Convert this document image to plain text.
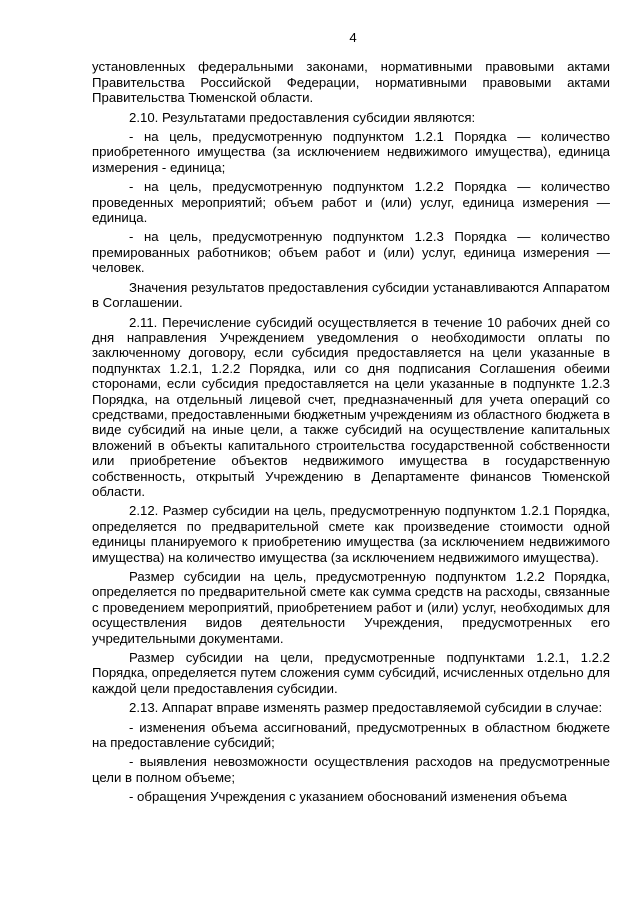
4

установленных федеральными законами, нормативными правовыми актами Правительства Российской Федерации, нормативными правовыми актами Правительства Тюменской области.

2.10. Результатами предоставления субсидии являются:

- на цель, предусмотренную подпунктом 1.2.1 Порядка — количество приобретенного имущества (за исключением недвижимого имущества), единица измерения - единица;

- на цель, предусмотренную подпунктом 1.2.2 Порядка — количество проведенных мероприятий; объем работ и (или) услуг, единица измерения — единица.

- на цель, предусмотренную подпунктом 1.2.3 Порядка — количество премированных работников; объем работ и (или) услуг, единица измерения — человек.

Значения результатов предоставления субсидии устанавливаются Аппаратом в Соглашении.

2.11. Перечисление субсидий осуществляется в течение 10 рабочих дней со дня направления Учреждением уведомления о необходимости оплаты по заключенному договору, если субсидия предоставляется на цели указанные в подпунктах 1.2.1, 1.2.2 Порядка, или со дня подписания Соглашения обеими сторонами, если субсидия предоставляется на цели указанные в подпункте 1.2.3 Порядка, на отдельный лицевой счет, предназначенный для учета операций со средствами, предоставленными бюджетным учреждениям из областного бюджета в виде субсидий на иные цели, а также субсидий на осуществление капитальных вложений в объекты капитального строительства государственной собственности или приобретение объектов недвижимого имущества в государственную собственность, открытый Учреждению в Департаменте финансов Тюменской области.

2.12. Размер субсидии на цель, предусмотренную подпунктом 1.2.1 Порядка, определяется по предварительной смете как произведение стоимости одной единицы планируемого к приобретению имущества (за исключением недвижимого имущества) на количество имущества (за исключением недвижимого имущества).

Размер субсидии на цель, предусмотренную подпунктом 1.2.2 Порядка, определяется по предварительной смете как сумма средств на расходы, связанные с проведением мероприятий, приобретением работ и (или) услуг, необходимых для осуществления видов деятельности Учреждения, предусмотренных его учредительными документами.

Размер субсидии на цели, предусмотренные подпунктами 1.2.1, 1.2.2 Порядка, определяется путем сложения сумм субсидий, исчисленных отдельно для каждой цели предоставления субсидии.

2.13. Аппарат вправе изменять размер предоставляемой субсидии в случае:

- изменения объема ассигнований, предусмотренных в областном бюджете на предоставление субсидий;

- выявления невозможности осуществления расходов на предусмотренные цели в полном объеме;

- обращения Учреждения с указанием обоснований изменения объема
